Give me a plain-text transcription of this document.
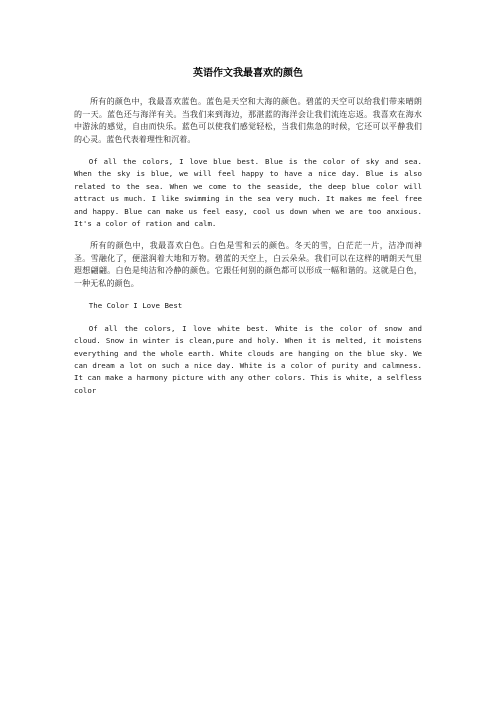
英语作文我最喜欢的颜色

所有的颜色中，我最喜欢蓝色。蓝色是天空和大海的颜色。碧蓝的天空可以给我们带来晴朗的一天。蓝色还与海洋有关。当我们来到海边，那湛蓝的海洋会让我们流连忘返。我喜欢在海水中游泳的感觉，自由而快乐。蓝色可以使我们感觉轻松，当我们焦急的时候，它还可以平静我们的心灵。蓝色代表着理性和沉着。

Of all the colors, I love blue best. Blue is the color of sky and sea. When the sky is blue, we will feel happy to have a nice day. Blue is also related to the sea. When we come to the seaside, the deep blue color will attract us much. I like swimming in the sea very much. It makes me feel free and happy. Blue can make us feel easy, cool us down when we are too anxious. It's a color of ration and calm.

所有的颜色中，我最喜欢白色。白色是雪和云的颜色。冬天的雪，白茫茫一片，洁净而神圣。雪融化了，便滋润着大地和万物。碧蓝的天空上，白云朵朵。我们可以在这样的晴朗天气里遐想翩翩。白色是纯洁和冷静的颜色。它跟任何别的颜色都可以形成一幅和谐的。这就是白色，一种无私的颜色。

The Color I Love Best

Of all the colors, I love white best. White is the color of snow and cloud. Snow in winter is clean,pure and holy. When it is melted, it moistens everything and the whole earth. White clouds are hanging on the blue sky. We can dream a lot on such a nice day. White is a color of purity and calmness. It can make a harmony picture with any other colors. This is white, a selfless color
